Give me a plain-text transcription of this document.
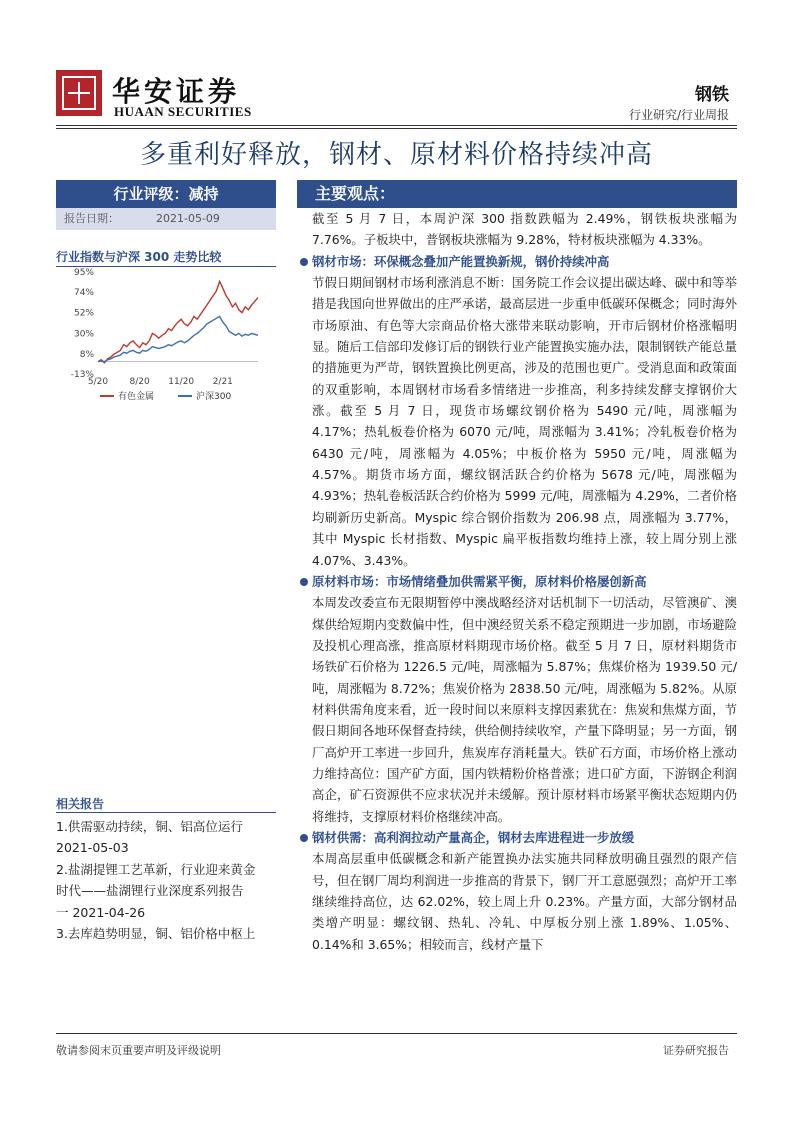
华安证券
HUAAN SECURITIES
钢铁
行业研究/行业周报
多重利好释放，钢材、原材料价格持续冲高
行业评级：减持
报告日期：	2021-05-09
行业指数与沪深 300 走势比较
95%
74%
52%
30%
8%
-13%
5/20 8/20 11/20 2/21
有色金属	沪深300
相关报告
1.供需驱动持续，铜、铝高位运行
2021-05-03
2.盐湖提锂工艺革新，行业迎来黄金
时代——盐湖锂行业深度系列报告
一 2021-04-26
3.去库趋势明显，铜、铝价格中枢上
主要观点：
截至 5 月 7 日，本周沪深 300 指数跌幅为 2.49%，钢铁板块涨幅为 7.76%。子板块中，普钢板块涨幅为 9.28%，特材板块涨幅为 4.33%。
钢材市场：环保概念叠加产能置换新规，钢价持续冲高
节假日期间钢材市场利涨消息不断：国务院工作会议提出碳达峰、碳中和等举措是我国向世界做出的庄严承诺，最高层进一步重申低碳环保概念；同时海外市场原油、有色等大宗商品价格大涨带来联动影响，开市后钢材价格涨幅明显。随后工信部印发修订后的钢铁行业产能置换实施办法，限制钢铁产能总量的措施更为严苛，钢铁置换比例更高，涉及的范围也更广。受消息面和政策面的双重影响，本周钢材市场看多情绪进一步推高，利多持续发酵支撑钢价大涨。截至 5 月 7 日，现货市场螺纹钢价格为 5490 元/吨，周涨幅为 4.17%；热轧板卷价格为 6070 元/吨，周涨幅为 3.41%；冷轧板卷价格为 6430 元/吨，周涨幅为 4.05%；中板价格为 5950 元/吨，周涨幅为 4.57%。期货市场方面，螺纹钢活跃合约价格为 5678 元/吨，周涨幅为 4.93%；热轧卷板活跃合约价格为 5999 元/吨，周涨幅为 4.29%，二者价格均刷新历史新高。Myspic 综合钢价指数为 206.98 点，周涨幅为 3.77%，其中 Myspic 长材指数、Myspic 扁平板指数均维持上涨，较上周分别上涨 4.07%、3.43%。
原材料市场：市场情绪叠加供需紧平衡，原材料价格屡创新高
本周发改委宣布无限期暂停中澳战略经济对话机制下一切活动，尽管澳矿、澳煤供给短期内变数偏中性，但中澳经贸关系不稳定预期进一步加剧，市场避险及投机心理高涨，推高原材料期现市场价格。截至 5 月 7 日，原材料期货市场铁矿石价格为 1226.5 元/吨，周涨幅为 5.87%；焦煤价格为 1939.50 元/吨，周涨幅为 8.72%；焦炭价格为 2838.50 元/吨，周涨幅为 5.82%。从原材料供需角度来看，近一段时间以来原料支撑因素犹在：焦炭和焦煤方面，节假日期间各地环保督查持续，供给侧持续收窄，产量下降明显；另一方面，钢厂高炉开工率进一步回升，焦炭库存消耗量大。铁矿石方面，市场价格上涨动力维持高位：国产矿方面，国内铁精粉价格普涨；进口矿方面，下游钢企利润高企，矿石资源供不应求状况并未缓解。预计原材料市场紧平衡状态短期内仍将维持，支撑原材料价格继续冲高。
钢材供需：高利润拉动产量高企，钢材去库进程进一步放缓
本周高层重申低碳概念和新产能置换办法实施共同释放明确且强烈的限产信号，但在钢厂周均利润进一步推高的背景下，钢厂开工意愿强烈；高炉开工率继续维持高位，达 62.02%，较上周上升 0.23%。产量方面，大部分钢材品类增产明显：螺纹钢、热轧、冷轧、中厚板分别上涨 1.89%、1.05%、0.14%和 3.65%；相较而言，线材产量下
敬请参阅末页重要声明及评级说明	证券研究报告
